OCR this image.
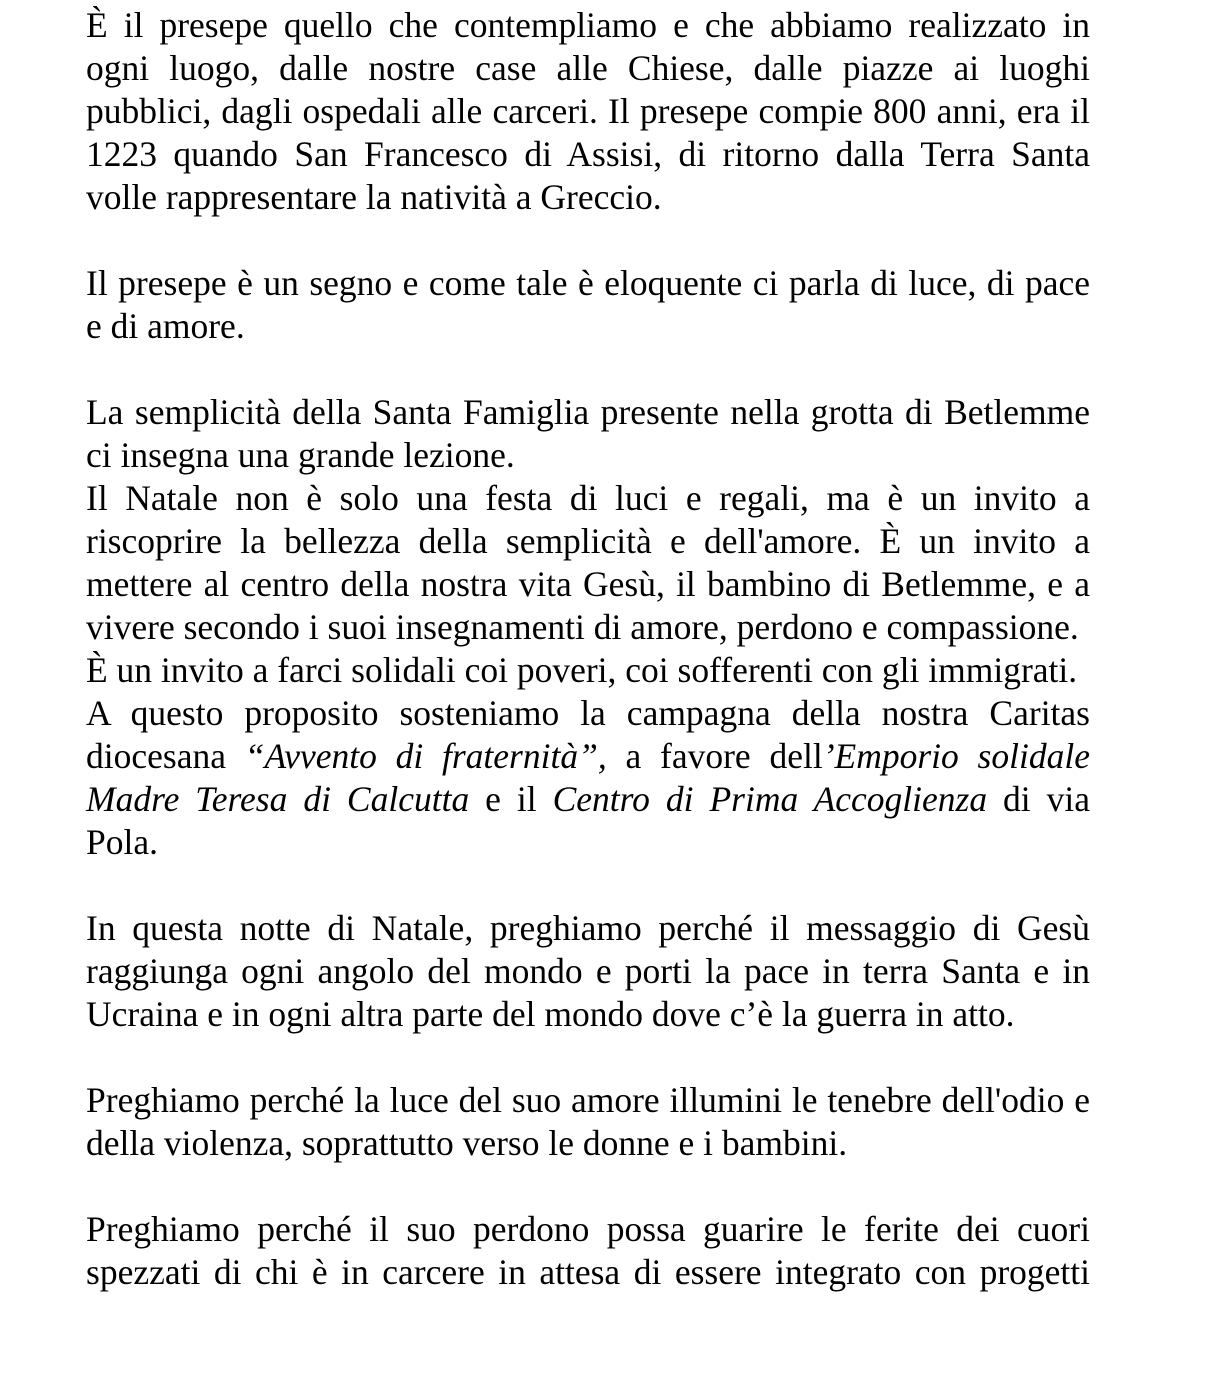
È il presepe quello che contempliamo e che abbiamo realizzato in ogni luogo, dalle nostre case alle Chiese, dalle piazze ai luoghi pubblici, dagli ospedali alle carceri. Il presepe compie 800 anni, era il 1223 quando San Francesco di Assisi, di ritorno dalla Terra Santa volle rappresentare la natività a Greccio.

Il presepe è un segno e come tale è eloquente ci parla di luce, di pace e di amore.

La semplicità della Santa Famiglia presente nella grotta di Betlemme ci insegna una grande lezione.

Il Natale non è solo una festa di luci e regali, ma è un invito a riscoprire la bellezza della semplicità e dell'amore. È un invito a mettere al centro della nostra vita Gesù, il bambino di Betlemme, e a vivere secondo i suoi insegnamenti di amore, perdono e compassione.

È un invito a farci solidali coi poveri, coi sofferenti con gli immigrati.

A questo proposito sosteniamo la campagna della nostra Caritas diocesana “Avvento di fraternità”, a favore dell’Emporio solidale Madre Teresa di Calcutta e il Centro di Prima Accoglienza di via Pola.

In questa notte di Natale, preghiamo perché il messaggio di Gesù raggiunga ogni angolo del mondo e porti la pace in terra Santa e in Ucraina e in ogni altra parte del mondo dove c’è la guerra in atto.

Preghiamo perché la luce del suo amore illumini le tenebre dell'odio e della violenza, soprattutto verso le donne e i bambini.

Preghiamo perché il suo perdono possa guarire le ferite dei cuori spezzati di chi è in carcere in attesa di essere integrato con progetti
